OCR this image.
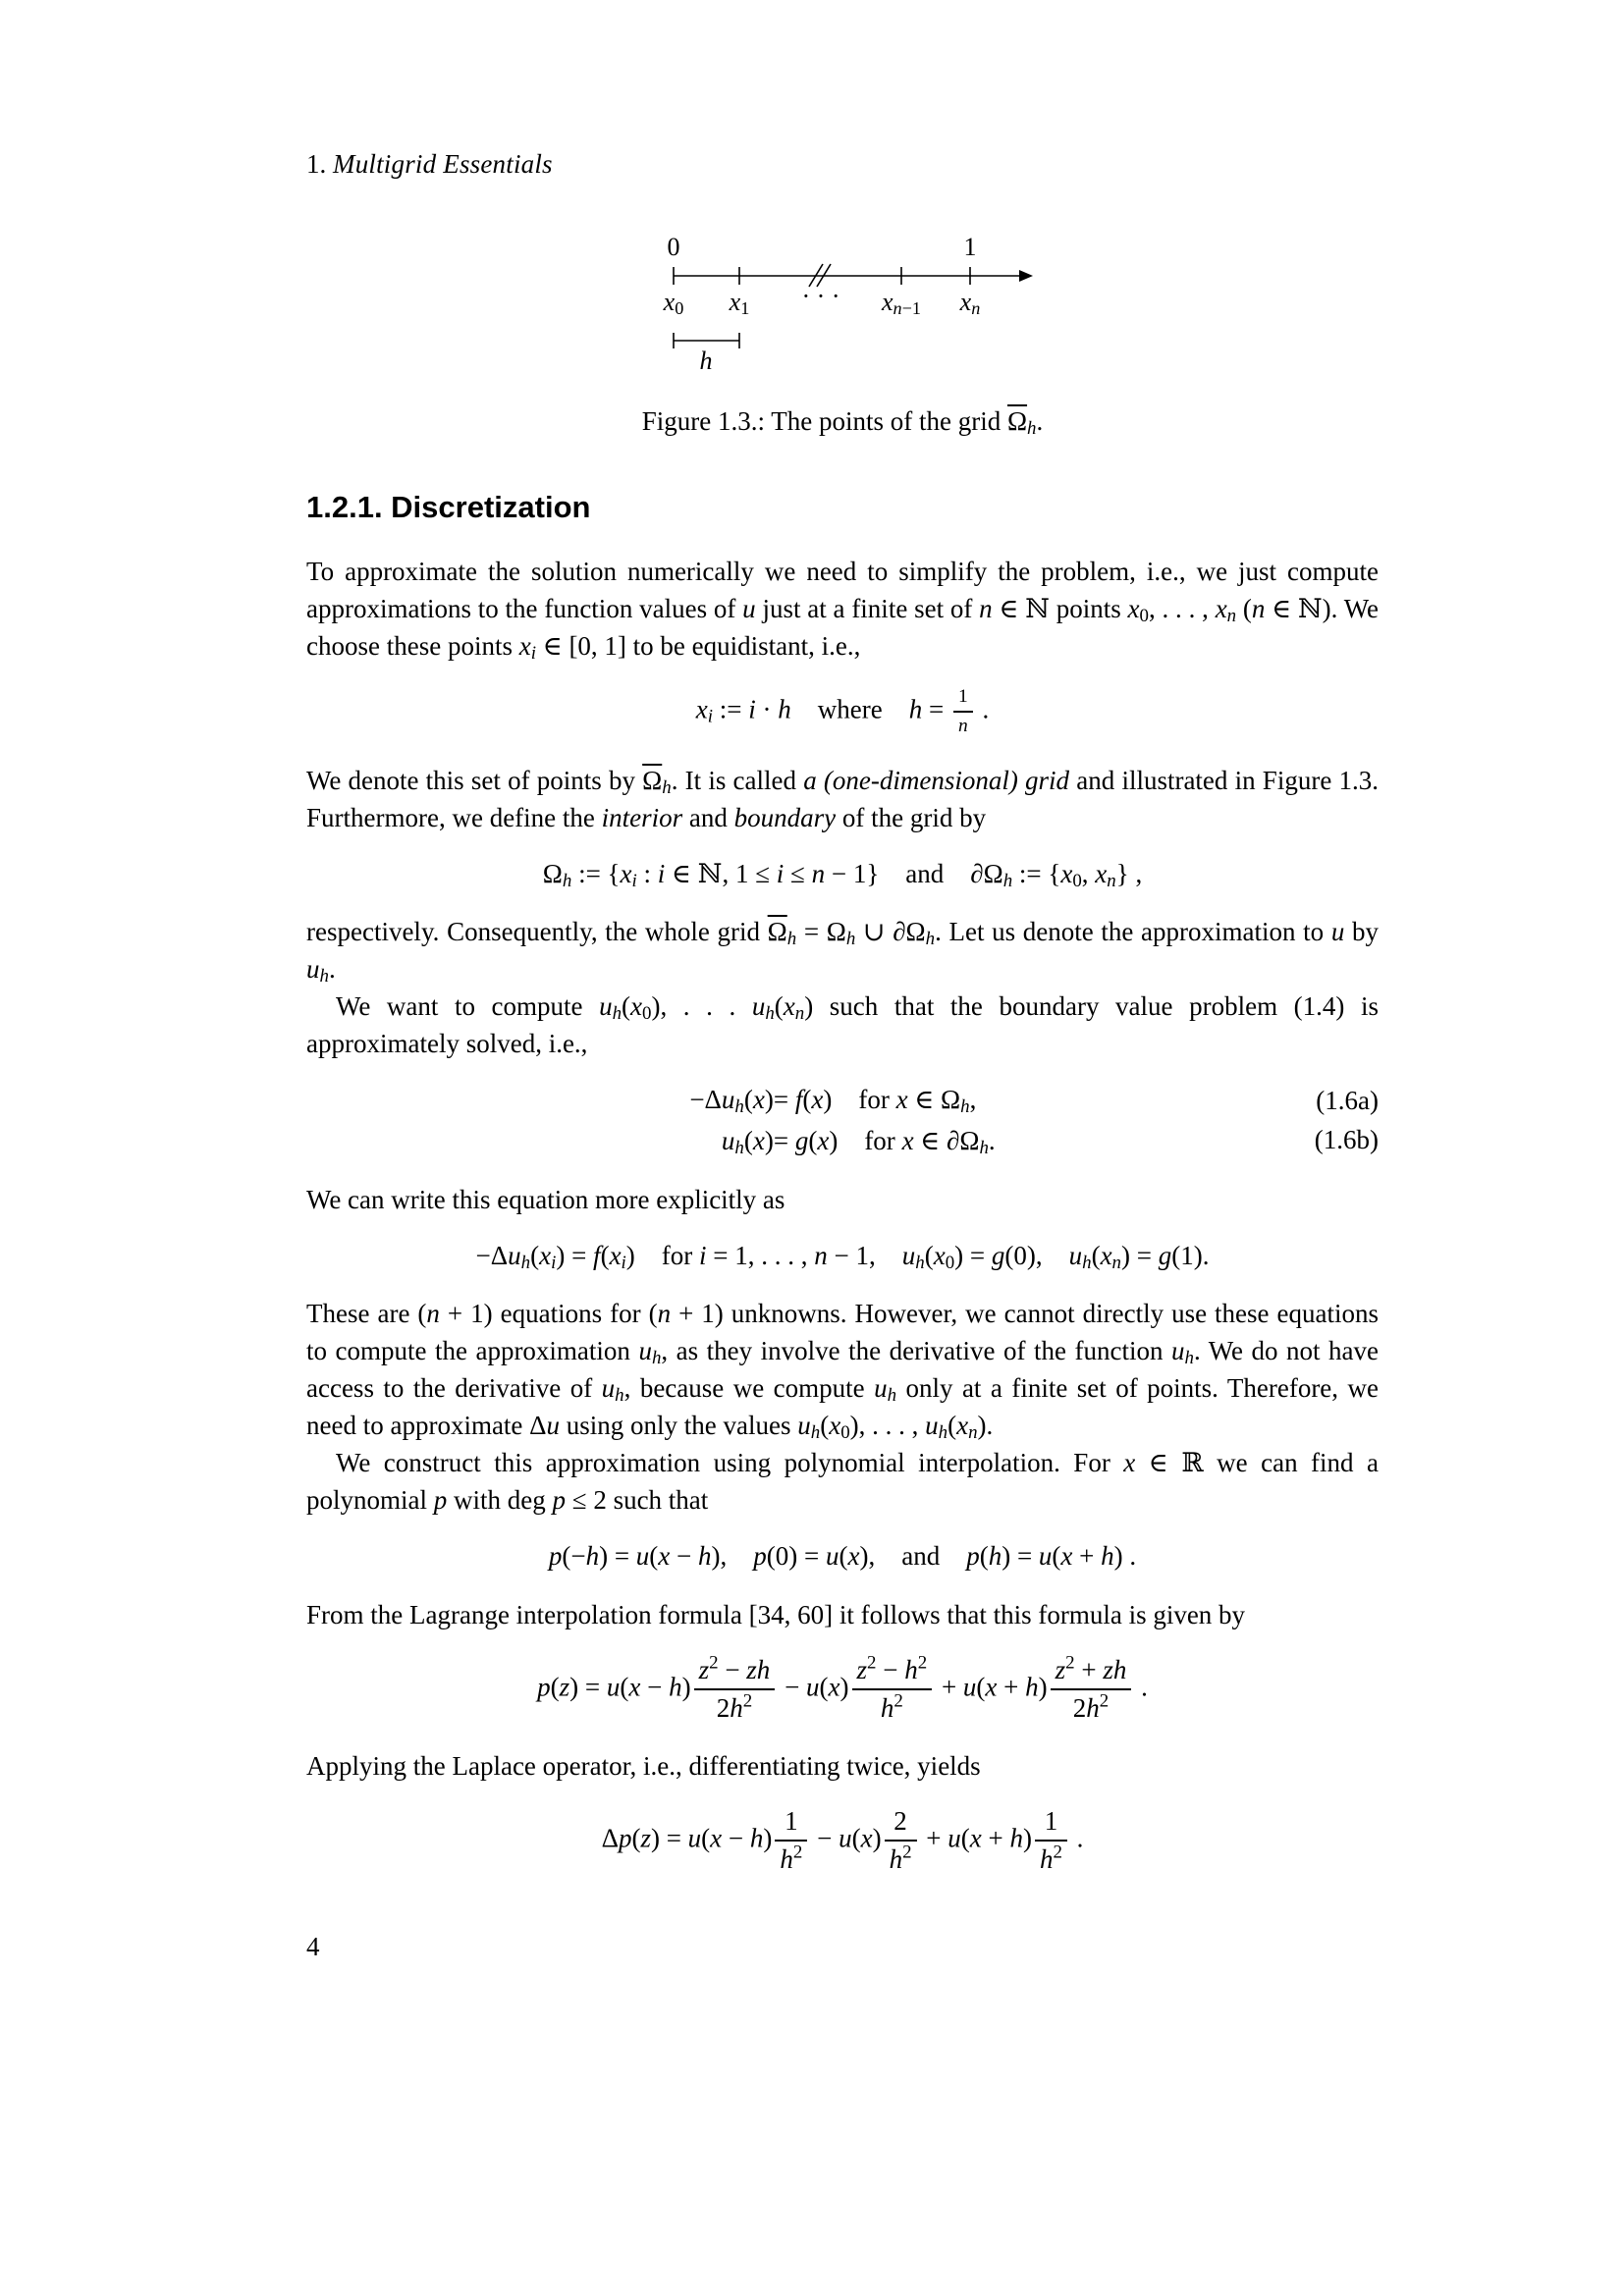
1. Multigrid Essentials
0	1
$x_0$ $x_1$ · · · $x_{n-1}$ $x_n$
h
Figure 1.3.: The points of the grid $\overline{\Omega}_h$.
1.2.1. Discretization

To approximate the solution numerically we need to simplify the problem, i.e., we just compute approximations to the function values of u just at a finite set of n ∈ ℕ points $x_0$, . . . , $x_n$ (n ∈ ℕ). We choose these points $x_i$ ∈ [0, 1] to be equidistant, i.e.,

$x_i$ := i · h where $h = \frac{1}{n}$ .

We denote this set of points by $\overline{\Omega}_h$. It is called a (one-dimensional) grid and illustrated in Figure 1.3. Furthermore, we define the interior and boundary of the grid by

$\Omega_h$ := {$x_i$ : i ∈ ℕ, 1 ≤ i ≤ n − 1} and $\partial\Omega_h$ := {$x_0$, $x_n$} ,

respectively. Consequently, the whole grid $\overline{\Omega}_h = \Omega_h$ ∪ $\partial\Omega_h$. Let us denote the approximation to u by $u_h$.

We want to compute $u_h(x_0)$, . . . $u_h(x_n)$ such that the boundary value problem (1.4) is approximately solved, i.e.,

$-\Delta u_h(x) = f(x)$ for x ∈ $\Omega_h$,
$u_h(x) = g(x)$ for x ∈ $\partial\Omega_h$.
(1.6a)
(1.6b)

We can write this equation more explicitly as

$-\Delta u_h(x_i) = f(x_i)$ for i = 1, . . . , n − 1, $u_h(x_0) = g(0)$, $u_h(x_n) = g(1)$.

These are (n + 1) equations for (n + 1) unknowns. However, we cannot directly use these equations to compute the approximation $u_h$, as they involve the derivative of the function $u_h$. We do not have access to the derivative of $u_h$, because we compute $u_h$ only at a finite set of points. Therefore, we need to approximate Δu using only the values $u_h(x_0)$, . . . , $u_h(x_n)$.

We construct this approximation using polynomial interpolation. For x ∈ ℝ we can find a polynomial p with deg p ≤ 2 such that

p(−h) = u(x − h), p(0) = u(x), and p(h) = u(x + h) .

From the Lagrange interpolation formula [34, 60] it follows that this formula is given by

$p(z) = u(x - h) \frac{z^2 - zh}{2h^2} - u(x) \frac{z^2 - h^2}{h^2} + u(x + h) \frac{z^2 + zh}{2h^2}$ .

Applying the Laplace operator, i.e., differentiating twice, yields

$\Delta p(z) = u(x - h) \frac{1}{h^2} - u(x) \frac{2}{h^2} + u(x + h) \frac{1}{h^2}$ .
4
